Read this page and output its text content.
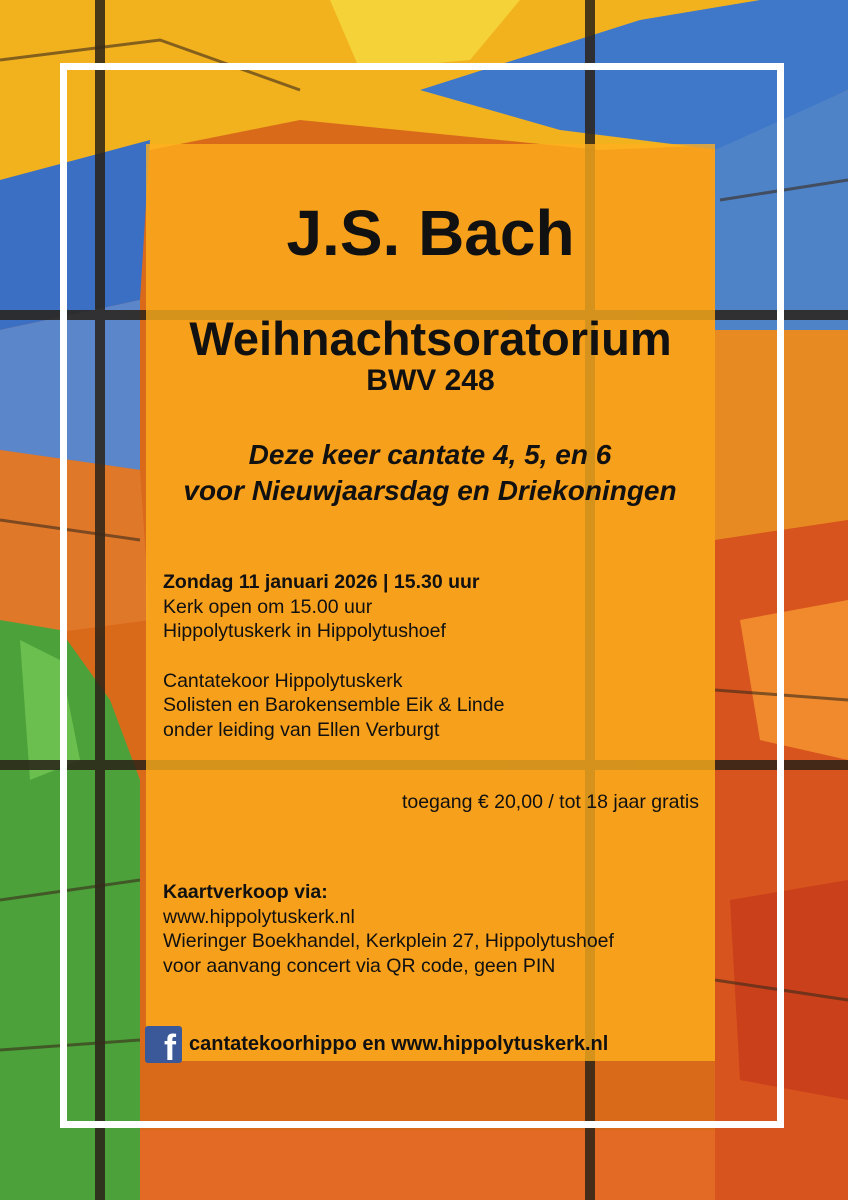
J.S. Bach
Weihnachtsoratorium
BWV 248
Deze keer cantate 4, 5, en 6
voor Nieuwjaarsdag en Driekoningen
Zondag 11 januari 2026 | 15.30 uur
Kerk open om 15.00 uur
Hippolytuskerk in Hippolytushoef
Cantatekoor Hippolytuskerk
Solisten en Barokensemble Eik & Linde
onder leiding van Ellen Verburgt
toegang € 20,00 / tot 18 jaar gratis
Kaartverkoop via:
www.hippolytuskerk.nl
Wieringer Boekhandel, Kerkplein 27, Hippolytushoef
voor aanvang concert via QR code, geen PIN
f cantatekoorhippo en www.hippolytuskerk.nl
